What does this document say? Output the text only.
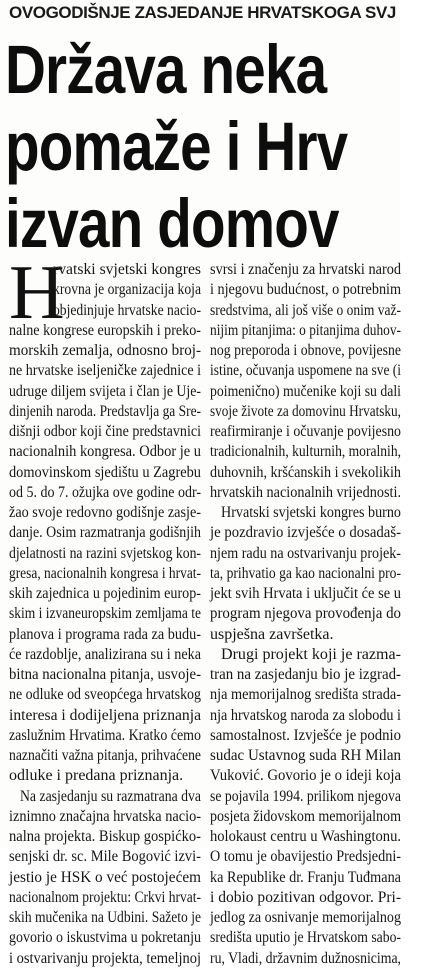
OVOGODIŠNJE ZASJEDANJE HRVATSKOGA SVJ
Država neka
pomaže i Hrv
izvan domov
H
rvatski svjetski kongres
krovna je organizacija koja
objedinjuje hrvatske nacio-
nalne kongrese europskih i prekо-
morskih zemalja, odnosno broj-
ne hrvatske iseljeničke zajednice i
udruge diljem svijeta i član je Uje-
dinjenih naroda. Predstavlja ga Sre-
dišnji odbor koji čine predstavnici
nacionalnih kongresa. Odbor je u
domovinskom sjedištu u Zagrebu
od 5. do 7. ožujka ove godine odr-
žao svoje redovno godišnje zasje-
danje. Osim razmatranja godišnjih
djelatnosti na razini svjetskog kon-
gresa, nacionalnih kongresa i hrvat-
skih zajednica u pojedinim europ-
skim i izvaneuropskim zemljama te
planova i programa rada za budu-
će razdoblje, analizirana su i neka
bitna nacionalna pitanja, usvoje-
ne odluke od sveopćega hrvatskog
interesa i dodijeljena priznanja
zaslužnim Hrvatima. Kratko ćemo
naznačiti važna pitanja, prihvaćene
odluke i predana priznanja.
Na zasjedanju su razmatrana dva
iznimno značajna hrvatska nacio-
nalna projekta. Biskup gospićko-
senjski dr. sc. Mile Bogović izvi-
jestio je HSK o već postojećem
nacionalnom projektu: Crkvi hrvat-
skih mučenika na Udbini. Sažeto je
govorio o iskustvima u pokretanju
i ostvarivanju projekta, temeljnoj
svrsi i značenju za hrvatski narod
i njegovu budućnost, o potrebnim
sredstvima, ali još više o onim važ-
nijim pitanjima: o pitanjima duhov-
nog preporoda i obnove, povijesne
istine, očuvanja uspomene na sve (i
poimenično) mučenike koji su dali
svoje živote za domovinu Hrvatsku,
reafirmiranje i očuvanje povijesno
tradicionalnih, kulturnih, moralnih,
duhovnih, kršćanskih i svekolikih
hrvatskih nacionalnih vrijednosti.
Hrvatski svjetski kongres burno
je pozdravio izvješće o dosadaš-
njem radu na ostvarivanju projek-
ta, prihvatio ga kao nacionalni pro-
jekt svih Hrvata i uključit će se u
program njegova provođenja do
uspješna završetka.
Drugi projekt koji je razma-
tran na zasjedanju bio je izgrad-
nja memorijalnog središta strada-
nja hrvatskog naroda za slobodu i
samostalnost. Izvješće je podnio
sudac Ustavnog suda RH Milan
Vuković. Govorio je o ideji koja
se pojavila 1994. prilikom njegova
posjeta židovskom memorijalnom
holokaust centru u Washingtonu.
O tomu je obavijestio Predsjedni-
ka Republike dr. Franju Tuđmana
i dobio pozitivan odgovor. Pri-
jedlog za osnivanje memorijalnog
središta uputio je Hrvatskom sabo-
ru, Vladi, državnim dužnosnicima,
